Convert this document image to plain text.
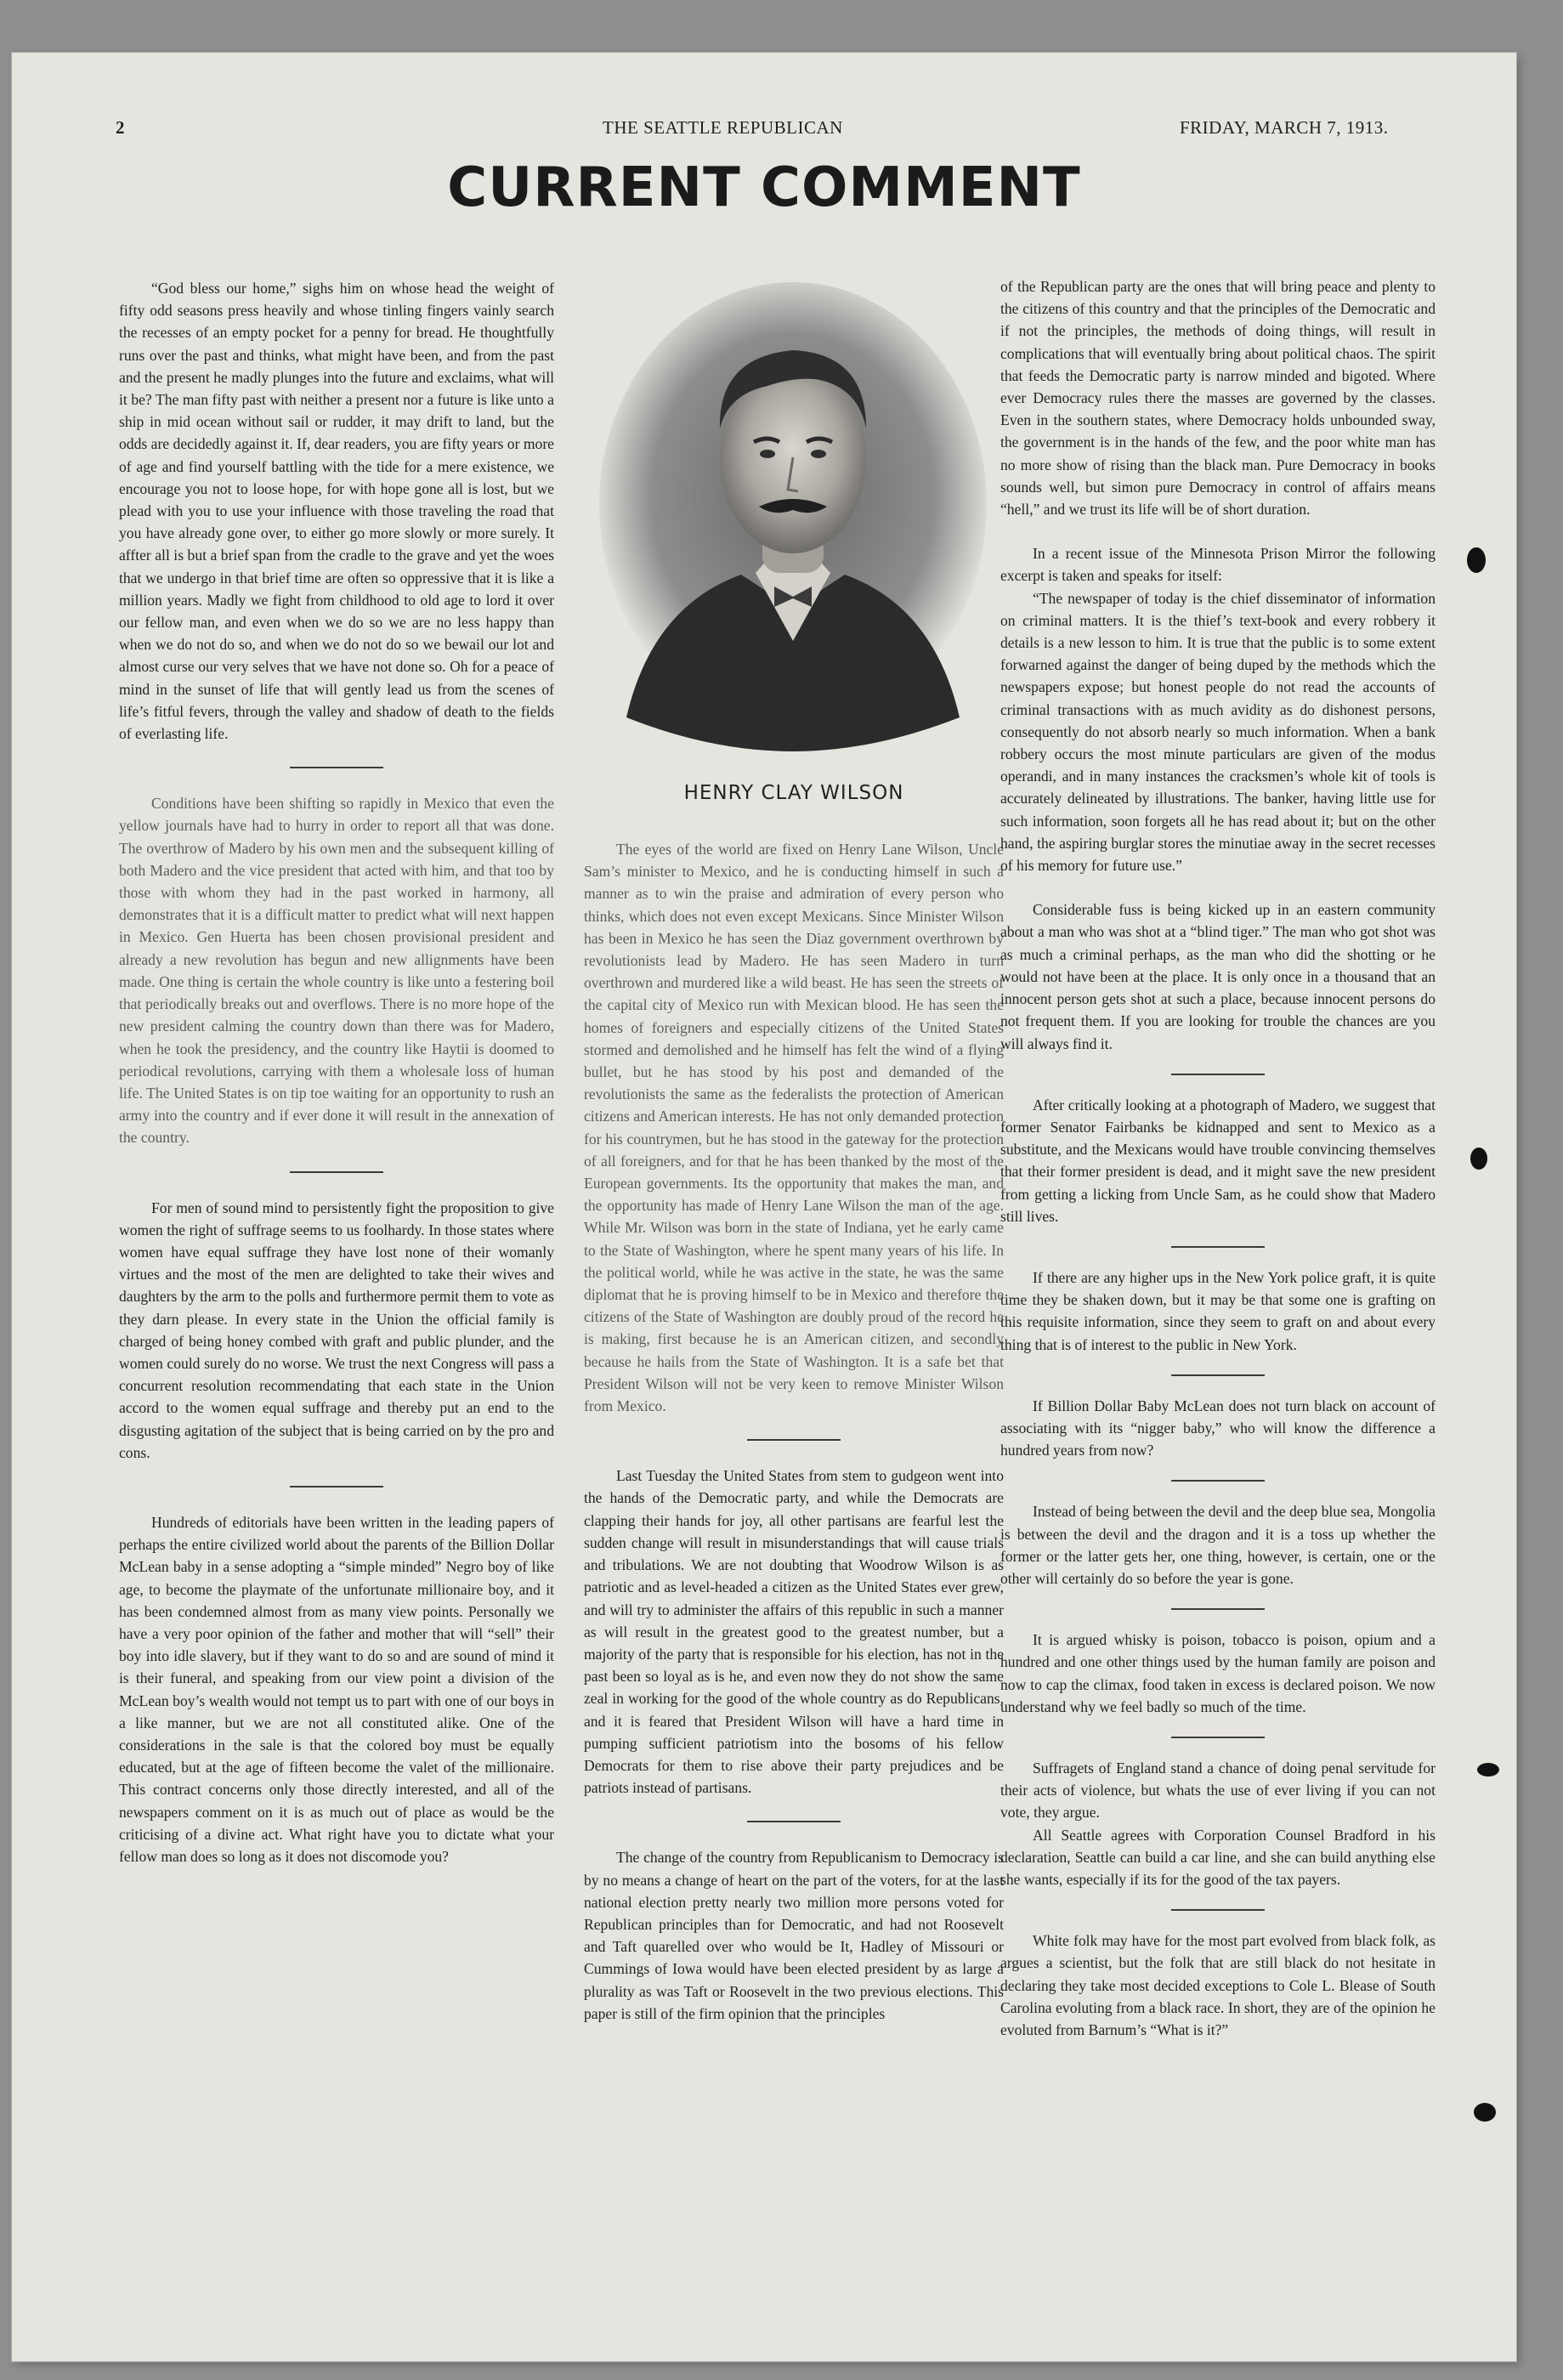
2	THE SEATTLE REPUBLICAN	FRIDAY, MARCH 7, 1913.
CURRENT COMMENT

“God bless our home,” sighs him on whose head the weight of fifty odd seasons press heavily and whose tinling fingers vainly search the recesses of an empty pocket for a penny for bread. He thoughtfully runs over the past and thinks, what might have been, and from the past and the present he madly plunges into the future and exclaims, what will it be? The man fifty past with neither a present nor a future is like unto a ship in mid ocean without sail or rudder, it may drift to land, but the odds are decidedly against it. If, dear readers, you are fifty years or more of age and find yourself battling with the tide for a mere existence, we encourage you not to loose hope, for with hope gone all is lost, but we plead with you to use your influence with those traveling the road that you have already gone over, to either go more slowly or more surely. It affter all is but a brief span from the cradle to the grave and yet the woes that we undergo in that brief time are often so oppressive that it is like a million years. Madly we fight from childhood to old age to lord it over our fellow man, and even when we do so we are no less happy than when we do not do so, and when we do not do so we bewail our lot and almost curse our very selves that we have not done so. Oh for a peace of mind in the sunset of life that will gently lead us from the scenes of life’s fitful fevers, through the valley and shadow of death to the fields of everlasting life.

Conditions have been shifting so rapidly in Mexico that even the yellow journals have had to hurry in order to report all that was done. The overthrow of Madero by his own men and the subsequent killing of both Madero and the vice president that acted with him, and that too by those with whom they had in the past worked in harmony, all demonstrates that it is a difficult matter to predict what will next happen in Mexico. Gen Huerta has been chosen provisional president and already a new revolution has begun and new allignments have been made. One thing is certain the whole country is like unto a festering boil that periodically breaks out and overflows. There is no more hope of the new president calming the country down than there was for Madero, when he took the presidency, and the country like Haytii is doomed to periodical revolutions, carrying with them a wholesale loss of human life. The United States is on tip toe waiting for an opportunity to rush an army into the country and if ever done it will result in the annexation of the country.

For men of sound mind to persistently fight the proposition to give women the right of suffrage seems to us foolhardy. In those states where women have equal suffrage they have lost none of their womanly virtues and the most of the men are delighted to take their wives and daughters by the arm to the polls and furthermore permit them to vote as they darn please. In every state in the Union the official family is charged of being honey combed with graft and public plunder, and the women could surely do no worse. We trust the next Congress will pass a concurrent resolution recommendating that each state in the Union accord to the women equal suffrage and thereby put an end to the disgusting agitation of the subject that is being carried on by the pro and cons.

Hundreds of editorials have been written in the leading papers of perhaps the entire civilized world about the parents of the Billion Dollar McLean baby in a sense adopting a “simple minded” Negro boy of like age, to become the playmate of the unfortunate millionaire boy, and it has been condemned almost from as many view points. Personally we have a very poor opinion of the father and mother that will “sell” their boy into idle slavery, but if they want to do so and are sound of mind it is their funeral, and speaking from our view point a division of the McLean boy’s wealth would not tempt us to part with one of our boys in a like manner, but we are not all constituted alike. One of the considerations in the sale is that the colored boy must be equally educated, but at the age of fifteen become the valet of the millionaire. This contract concerns only those directly interested, and all of the newspapers comment on it is as much out of place as would be the criticising of a divine act. What right have you to dictate what your fellow man does so long as it does not discomode you?

HENRY CLAY WILSON

The eyes of the world are fixed on Henry Lane Wilson, Uncle Sam’s minister to Mexico, and he is conducting himself in such a manner as to win the praise and admiration of every person who thinks, which does not even except Mexicans. Since Minister Wilson has been in Mexico he has seen the Diaz government overthrown by revolutionists lead by Madero. He has seen Madero in turn overthrown and murdered like a wild beast. He has seen the streets of the capital city of Mexico run with Mexican blood. He has seen the homes of foreigners and especially citizens of the United States stormed and demolished and he himself has felt the wind of a flying bullet, but he has stood by his post and demanded of the revolutionists the same as the federalists the protection of American citizens and American interests. He has not only demanded protection for his countrymen, but he has stood in the gateway for the protection of all foreigners, and for that he has been thanked by the most of the European governments. Its the opportunity that makes the man, and the opportunity has made of Henry Lane Wilson the man of the age. While Mr. Wilson was born in the state of Indiana, yet he early came to the State of Washington, where he spent many years of his life. In the political world, while he was active in the state, he was the same diplomat that he is proving himself to be in Mexico and therefore the citizens of the State of Washington are doubly proud of the record he is making, first because he is an American citizen, and secondly because he hails from the State of Washington. It is a safe bet that President Wilson will not be very keen to remove Minister Wilson from Mexico.

Last Tuesday the United States from stem to gudgeon went into the hands of the Democratic party, and while the Democrats are clapping their hands for joy, all other partisans are fearful lest the sudden change will result in misunderstandings that will cause trials and tribulations. We are not doubting that Woodrow Wilson is as patriotic and as level-headed a citizen as the United States ever grew, and will try to administer the affairs of this republic in such a manner as will result in the greatest good to the greatest number, but a majority of the party that is responsible for his election, has not in the past been so loyal as is he, and even now they do not show the same zeal in working for the good of the whole country as do Republicans, and it is feared that President Wilson will have a hard time in pumping sufficient patriotism into the bosoms of his fellow Democrats for them to rise above their party prejudices and be patriots instead of partisans.

The change of the country from Republicanism to Democracy is by no means a change of heart on the part of the voters, for at the last national election pretty nearly two million more persons voted for Republican principles than for Democratic, and had not Roosevelt and Taft quarelled over who would be It, Hadley of Missouri or Cummings of Iowa would have been elected president by as large a plurality as was Taft or Roosevelt in the two previous elections. This paper is still of the firm opinion that the principles

of the Republican party are the ones that will bring peace and plenty to the citizens of this country and that the principles of the Democratic and if not the principles, the methods of doing things, will result in complications that will eventually bring about political chaos. The spirit that feeds the Democratic party is narrow minded and bigoted. Where ever Democracy rules there the masses are governed by the classes. Even in the southern states, where Democracy holds unbounded sway, the government is in the hands of the few, and the poor white man has no more show of rising than the black man. Pure Democracy in books sounds well, but simon pure Democracy in control of affairs means “hell,” and we trust its life will be of short duration.

In a recent issue of the Minnesota Prison Mirror the following excerpt is taken and speaks for itself:

“The newspaper of today is the chief disseminator of information on criminal matters. It is the thief’s text-book and every robbery it details is a new lesson to him. It is true that the public is to some extent forwarned against the danger of being duped by the methods which the newspapers expose; but honest people do not read the accounts of criminal transactions with as much avidity as do dishonest persons, consequently do not absorb nearly so much information. When a bank robbery occurs the most minute particulars are given of the modus operandi, and in many instances the cracksmen’s whole kit of tools is accurately delineated by illustrations. The banker, having little use for such information, soon forgets all he has read about it; but on the other hand, the aspiring burglar stores the minutiae away in the secret recesses of his memory for future use.”

Considerable fuss is being kicked up in an eastern community about a man who was shot at a “blind tiger.” The man who got shot was as much a criminal perhaps, as the man who did the shotting or he would not have been at the place. It is only once in a thousand that an innocent person gets shot at such a place, because innocent persons do not frequent them. If you are looking for trouble the chances are you will always find it.

After critically looking at a photograph of Madero, we suggest that former Senator Fairbanks be kidnapped and sent to Mexico as a substitute, and the Mexicans would have trouble convincing themselves that their former president is dead, and it might save the new president from getting a licking from Uncle Sam, as he could show that Madero still lives.

If there are any higher ups in the New York police graft, it is quite time they be shaken down, but it may be that some one is grafting on this requisite information, since they seem to graft on and about every thing that is of interest to the public in New York.

If Billion Dollar Baby McLean does not turn black on account of associating with its “nigger baby,” who will know the difference a hundred years from now?

Instead of being between the devil and the deep blue sea, Mongolia is between the devil and the dragon and it is a toss up whether the former or the latter gets her, one thing, however, is certain, one or the other will certainly do so before the year is gone.

It is argued whisky is poison, tobacco is poison, opium and a hundred and one other things used by the human family are poison and now to cap the climax, food taken in excess is declared poison. We now understand why we feel badly so much of the time.

Suffragets of England stand a chance of doing penal servitude for their acts of violence, but whats the use of ever living if you can not vote, they argue.

All Seattle agrees with Corporation Counsel Bradford in his declaration, Seattle can build a car line, and she can build anything else she wants, especially if its for the good of the tax payers.

White folk may have for the most part evolved from black folk, as argues a scientist, but the folk that are still black do not hesitate in declaring they take most decided exceptions to Cole L. Blease of South Carolina evoluting from a black race. In short, they are of the opinion he evoluted from Barnum’s “What is it?”
